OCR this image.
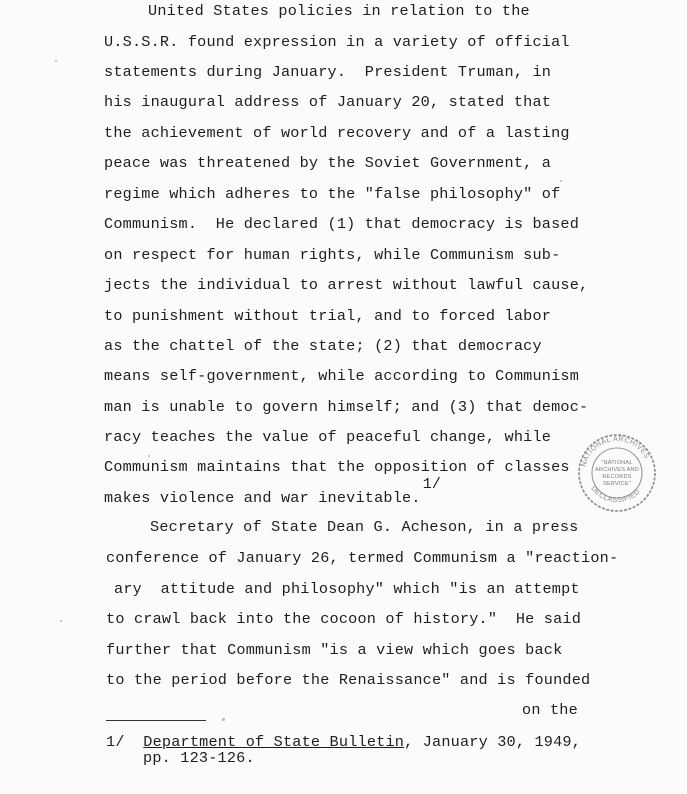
United States policies in relation to the

U.S.S.R. found expression in a variety of official

statements during January.  President Truman, in

his inaugural address of January 20, stated that

the achievement of world recovery and of a lasting

peace was threatened by the Soviet Government, a

regime which adheres to the "false philosophy" of

Communism.  He declared (1) that democracy is based

on respect for human rights, while Communism sub-

jects the individual to arrest without lawful cause,

to punishment without trial, and to forced labor

as the chattel of the state; (2) that democracy

means self-government, while according to Communism

man is unable to govern himself; and (3) that democ-

racy teaches the value of peaceful change, while

Communism maintains that the opposition of classes

makes violence and war inevitable.1/

Secretary of State Dean G. Acheson, in a press

conference of January 26, termed Communism a "reaction-

ary  attitude and philosophy" which "is an attempt

to crawl back into the cocoon of history."  He said

further that Communism "is a view which goes back

to the period before the Renaissance" and is founded

on the

1/ Department of State Bulletin, January 30, 1949,

pp. 123-126.

NATIONAL ARCHIVES
DECLASSIFIED
"NATIONAL
ARCHIVES AND
RECORDS
SERVICE"
